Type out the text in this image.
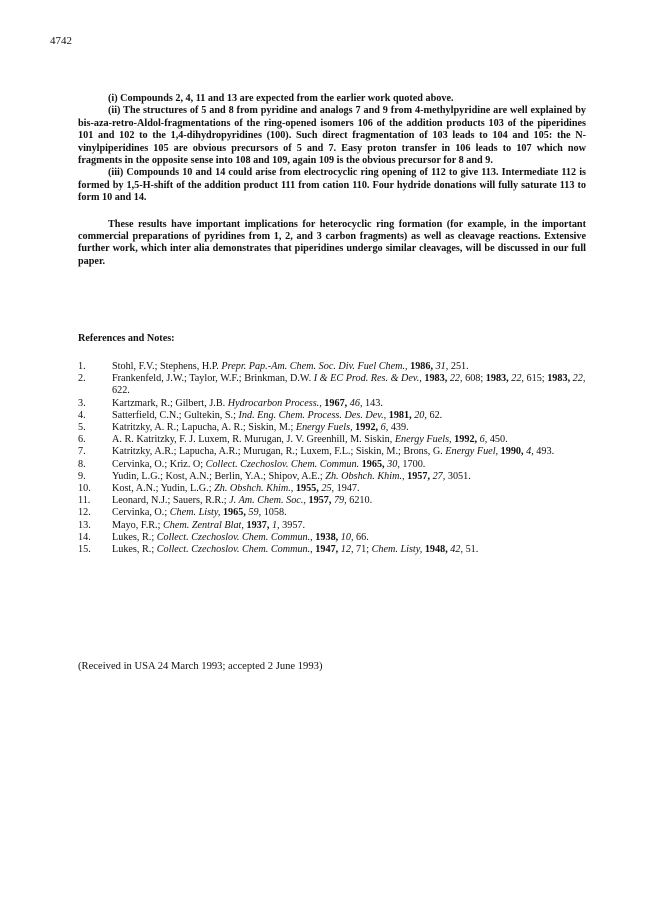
4742

(i) Compounds 2, 4, 11 and 13 are expected from the earlier work quoted above.

(ii) The structures of 5 and 8 from pyridine and analogs 7 and 9 from 4-methylpyridine are well explained by bis-aza-retro-Aldol-fragmentations of the ring-opened isomers 106 of the addition products 103 of the piperidines 101 and 102 to the 1,4-dihydropyridines (100). Such direct fragmentation of 103 leads to 104 and 105: the N-vinylpiperidines 105 are obvious precursors of 5 and 7. Easy proton transfer in 106 leads to 107 which now fragments in the opposite sense into 108 and 109, again 109 is the obvious precursor for 8 and 9.

(iii) Compounds 10 and 14 could arise from electrocyclic ring opening of 112 to give 113. Intermediate 112 is formed by 1,5-H-shift of the addition product 111 from cation 110. Four hydride donations will fully saturate 113 to form 10 and 14.

These results have important implications for heterocyclic ring formation (for example, in the important commercial preparations of pyridines from 1, 2, and 3 carbon fragments) as well as cleavage reactions. Extensive further work, which inter alia demonstrates that piperidines undergo similar cleavages, will be discussed in our full paper.

References and Notes:
1.	Stohl, F.V.; Stephens, H.P. Prepr. Pap.-Am. Chem. Soc. Div. Fuel Chem., 1986, 31, 251.
2.	Frankenfeld, J.W.; Taylor, W.F.; Brinkman, D.W. I & EC Prod. Res. & Dev., 1983, 22, 608; 1983, 22, 615; 1983, 22, 622.
3.	Kartzmark, R.; Gilbert, J.B. Hydrocarbon Process., 1967, 46, 143.
4.	Satterfield, C.N.; Gultekin, S.; Ind. Eng. Chem. Process. Des. Dev., 1981, 20, 62.
5.	Katritzky, A. R.; Lapucha, A. R.; Siskin, M.; Energy Fuels, 1992, 6, 439.
6.	A. R. Katritzky, F. J. Luxem, R. Murugan, J. V. Greenhill, M. Siskin, Energy Fuels, 1992, 6, 450.
7.	Katritzky, A.R.; Lapucha, A.R.; Murugan, R.; Luxem, F.L.; Siskin, M.; Brons, G. Energy Fuel, 1990, 4, 493.
8.	Cervinka, O.; Kriz. O; Collect. Czechoslov. Chem. Commun. 1965, 30, 1700.
9.	Yudin, L.G.; Kost, A.N.; Berlin, Y.A.; Shipov, A.E.; Zh. Obshch. Khim., 1957, 27, 3051.
10. Kost, A.N.; Yudin, L.G.; Zh. Obshch. Khim., 1955, 25, 1947.
11. Leonard, N.J.; Sauers, R.R.; J. Am. Chem. Soc., 1957, 79, 6210.
12. Cervinka, O.; Chem. Listy, 1965, 59, 1058.
13. Mayo, F.R.; Chem. Zentral Blat, 1937, 1, 3957.
14. Lukes, R.; Collect. Czechoslov. Chem. Commun., 1938, 10, 66.
15. Lukes, R.; Collect. Czechoslov. Chem. Commun., 1947, 12, 71; Chem. Listy, 1948, 42, 51.
(Received in USA 24 March 1993; accepted 2 June 1993)
